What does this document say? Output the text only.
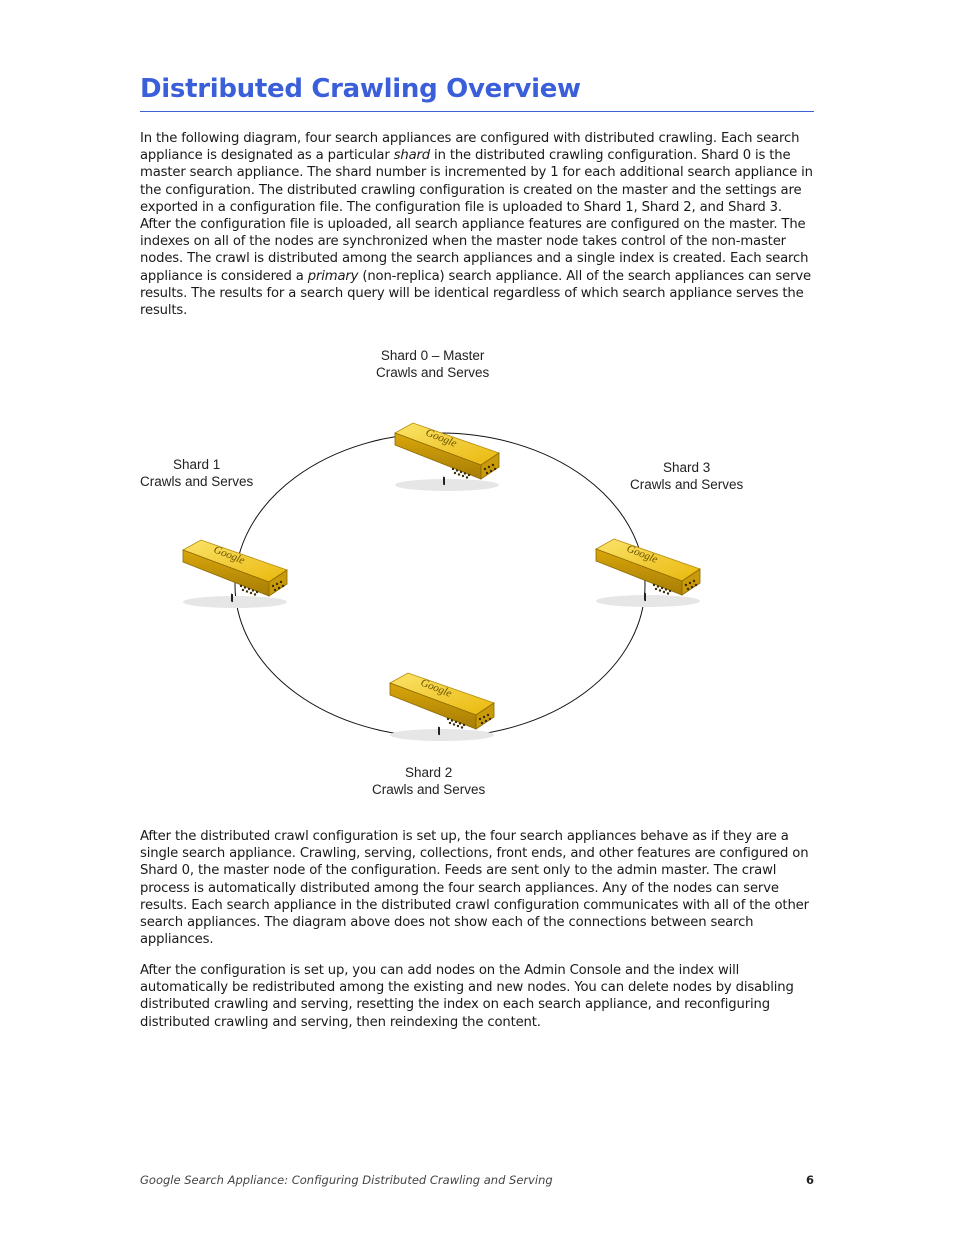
Distributed Crawling Overview

In the following diagram, four search appliances are configured with distributed crawling. Each search appliance is designated as a particular shard in the distributed crawling configuration. Shard 0 is the master search appliance. The shard number is incremented by 1 for each additional search appliance in the configuration. The distributed crawling configuration is created on the master and the settings are exported in a configuration file. The configuration file is uploaded to Shard 1, Shard 2, and Shard 3. After the configuration file is uploaded, all search appliance features are configured on the master. The indexes on all of the nodes are synchronized when the master node takes control of the non-master nodes. The crawl is distributed among the search appliances and a single index is created. Each search appliance is considered a primary (non-replica) search appliance. All of the search appliances can serve results. The results for a search query will be identical regardless of which search appliance serves the results.

Google
Google	Google
Google
Shard 0 – Master
Crawls and Serves
Shard 1
Crawls and Serves
Shard 3
Crawls and Serves
Shard 2
Crawls and Serves

After the distributed crawl configuration is set up, the four search appliances behave as if they are a single search appliance. Crawling, serving, collections, front ends, and other features are configured on Shard 0, the master node of the configuration. Feeds are sent only to the admin master. The crawl process is automatically distributed among the four search appliances. Any of the nodes can serve results. Each search appliance in the distributed crawl configuration communicates with all of the other search appliances. The diagram above does not show each of the connections between search appliances.

After the configuration is set up, you can add nodes on the Admin Console and the index will automatically be redistributed among the existing and new nodes. You can delete nodes by disabling distributed crawling and serving, resetting the index on each search appliance, and reconfiguring distributed crawling and serving, then reindexing the content.

Google Search Appliance: Configuring Distributed Crawling and Serving	6
